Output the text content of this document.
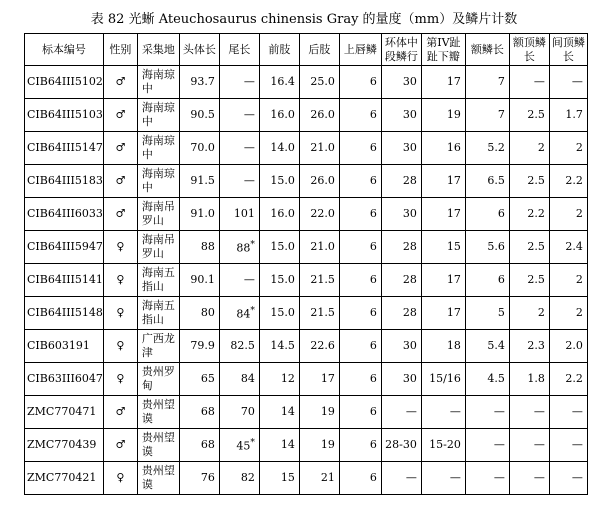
表 82 光蜥 Ateuchosaurus chinensis Gray 的量度（mm）及鳞片计数
标本编号	性别	采集地	头体长	尾长	前肢	后肢	上唇鳞	环体中段鳞行	第IV趾趾下瓣	额鳞长	额顶鳞长	间顶鳞长
CIB64III5102	♂	海南琼中	93.7	—	16.4	25.0	6	30	17	7	—	—
CIB64III5103	♂	海南琼中	90.5	—	16.0	26.0	6	30	19	7	2.5	1.7
CIB64III5147	♂	海南琼中	70.0	—	14.0	21.0	6	30	16	5.2	2	2
CIB64III5183	♂	海南琼中	91.5	—	15.0	26.0	6	28	17	6.5	2.5	2.2
CIB64III6033	♂	海南吊罗山	91.0	101	16.0	22.0	6	30	17	6	2.2	2
CIB64III5947	♀	海南吊罗山	88	88*	15.0	21.0	6	28	15	5.6	2.5	2.4
CIB64III5141	♀	海南五指山	90.1	—	15.0	21.5	6	28	17	6	2.5	2
CIB64III5148	♀	海南五指山	80	84*	15.0	21.5	6	28	17	5	2	2
CIB603191	♀	广西龙津	79.9	82.5	14.5	22.6	6	30	18	5.4	2.3	2.0
CIB63III6047	♀	贵州罗甸	65	84	12	17	6	30	15/16	4.5	1.8	2.2
ZMC770471	♂	贵州望谟	68	70	14	19	6	—	—	—	—	—
ZMC770439	♂	贵州望谟	68	45*	14	19	6	28-30	15-20	—	—	—
ZMC770421	♀	贵州望谟	76	82	15	21	6	—	—	—	—	—
